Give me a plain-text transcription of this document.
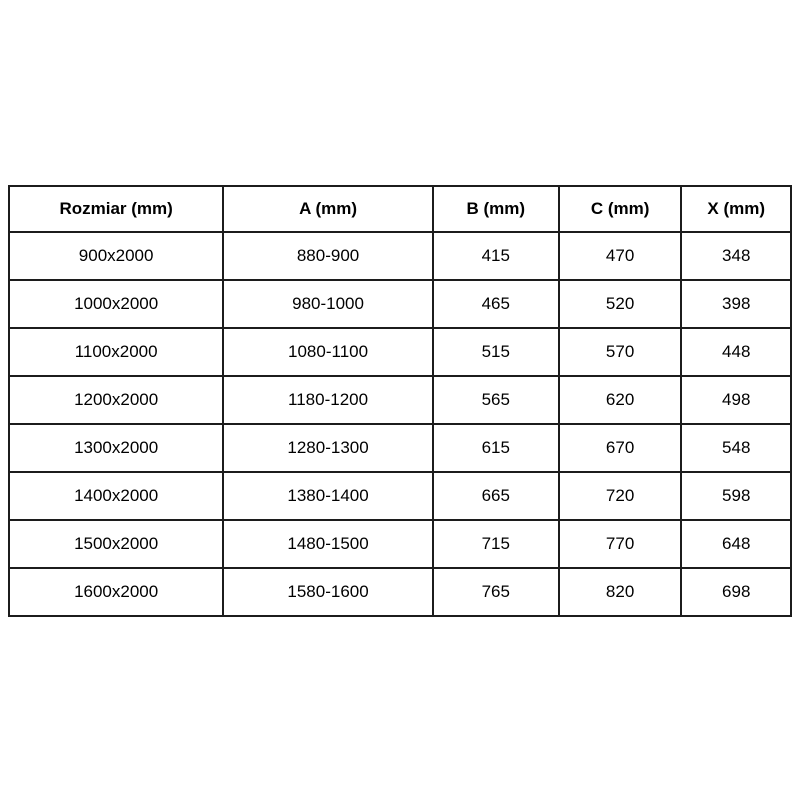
Rozmiar (mm)	A (mm)	B (mm)	C (mm)	X (mm)
900x2000	880-900	415	470	348
1000x2000	980-1000	465	520	398
1100x2000	1080-1100	515	570	448
1200x2000	1180-1200	565	620	498
1300x2000	1280-1300	615	670	548
1400x2000	1380-1400	665	720	598
1500x2000	1480-1500	715	770	648
1600x2000	1580-1600	765	820	698
